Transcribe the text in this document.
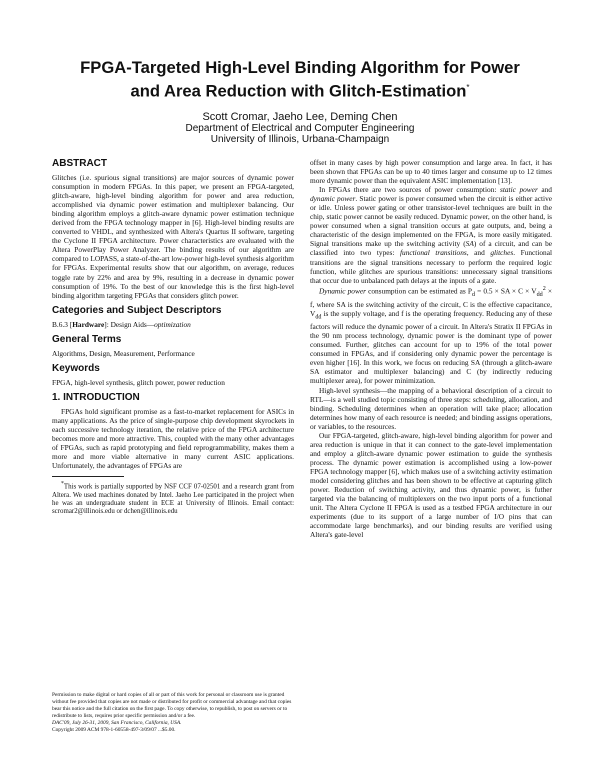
FPGA-Targeted High-Level Binding Algorithm for Power
and Area Reduction with Glitch-Estimation*
Scott Cromar, Jaeho Lee, Deming Chen
Department of Electrical and Computer Engineering
University of Illinois, Urbana-Champaign
ABSTRACT

Glitches (i.e. spurious signal transitions) are major sources of dynamic power consumption in modern FPGAs. In this paper, we present an FPGA-targeted, glitch-aware, high-level binding algorithm for power and area reduction, accomplished via dynamic power estimation and multiplexer balancing. Our binding algorithm employs a glitch-aware dynamic power estimation technique derived from the FPGA technology mapper in [6]. High-level binding results are converted to VHDL, and synthesized with Altera's Quartus II software, targeting the Cyclone II FPGA architecture. Power characteristics are evaluated with the Altera PowerPlay Power Analyzer. The binding results of our algorithm are compared to LOPASS, a state-of-the-art low-power high-level synthesis algorithm for FPGAs. Experimental results show that our algorithm, on average, reduces toggle rate by 22% and area by 9%, resulting in a decrease in dynamic power consumption of 19%. To the best of our knowledge this is the first high-level binding algorithm targeting FPGAs that considers glitch power.

Categories and Subject Descriptors

B.6.3 [Hardware]: Design Aids—optimization

General Terms

Algorithms, Design, Measurement, Performance

Keywords

FPGA, high-level synthesis, glitch power, power reduction

1. INTRODUCTION

FPGAs hold significant promise as a fast-to-market replacement for ASICs in many applications. As the price of single-purpose chip development skyrockets in each successive technology iteration, the relative price of the FPGA architecture becomes more and more attractive. This, coupled with the many other advantages of FPGAs, such as rapid prototyping and field reprogrammability, makes them a more and more viable alternative in many current ASIC applications. Unfortunately, the advantages of FPGAs are

*This work is partially supported by NSF CCF 07-02501 and a research grant from Altera. We used machines donated by Intel. Jaeho Lee participated in the project when he was an undergraduate student in ECE at University of Illinois. Email contact: scromar2@illinois.edu or dchen@illinois.edu

Permission to make digital or hard copies of all or part of this work for personal or classroom use is granted without fee provided that copies are not made or distributed for profit or commercial advantage and that copies bear this notice and the full citation on the first page. To copy otherwise, to republish, to post on servers or to redistribute to lists, requires prior specific permission and/or a fee.

DAC'09, July 26-31, 2009, San Francisco, California, USA.

Copyright 2009 ACM 978-1-60558-497-3/09/07 ...$5.00.

offset in many cases by high power consumption and large area. In fact, it has been shown that FPGAs can be up to 40 times larger and consume up to 12 times more dynamic power than the equivalent ASIC implementation [13].

In FPGAs there are two sources of power consumption: static power and dynamic power. Static power is power consumed when the circuit is either active or idle. Unless power gating or other transistor-level techniques are built in the chip, static power cannot be easily reduced. Dynamic power, on the other hand, is power consumed when a signal transition occurs at gate outputs, and, being a characteristic of the design implemented on the FPGA, is more easily mitigated. Signal transitions make up the switching activity (SA) of a circuit, and can be classified into two types: functional transitions, and glitches. Functional transitions are the signal transitions necessary to perform the required logic function, while glitches are spurious transitions: unnecessary signal transitions that occur due to unbalanced path delays at the inputs of a gate.

Dynamic power consumption can be estimated as $P_d = 0.5$ × SA × $C \times V_{dd}^2 \times f$, where SA is the switching activity of the circuit, C is the effective capacitance, $V_{dd}$ is the supply voltage, and f is the operating frequency. Reducing any of these factors will reduce the dynamic power of a circuit. In Altera's Stratix II FPGAs in the 90 nm process technology, dynamic power is the dominant type of power consumed. Further, glitches can account for up to 19% of the total power consumed in FPGAs, and if considering only dynamic power the percentage is even higher [16]. In this work, we focus on reducing SA (through a glitch-aware SA estimator and multiplexer balancing) and C (by indirectly reducing multiplexer area), for power minimization.

High-level synthesis—the mapping of a behavioral description of a circuit to RTL—is a well studied topic consisting of three steps: scheduling, allocation, and binding. Scheduling determines when an operation will take place; allocation determines how many of each resource is needed; and binding assigns operations, or variables, to the resources.

Our FPGA-targeted, glitch-aware, high-level binding algorithm for power and area reduction is unique in that it can connect to the gate-level implementation and employ a glitch-aware dynamic power estimation to guide the synthesis process. The dynamic power estimation is accomplished using a low-power FPGA technology mapper [6], which makes use of a switching activity estimation model considering glitches and has been shown to be effective at capturing glitch power. Reduction of switching activity, and thus dynamic power, is futher targeted via the balancing of multiplexers on the two input ports of a functional unit. The Altera Cyclone II FPGA is used as a testbed FPGA architecture in our experiments (due to its support of a large number of I/O pins that can accommodate large benchmarks), and our binding results are verified using Altera's gate-level
